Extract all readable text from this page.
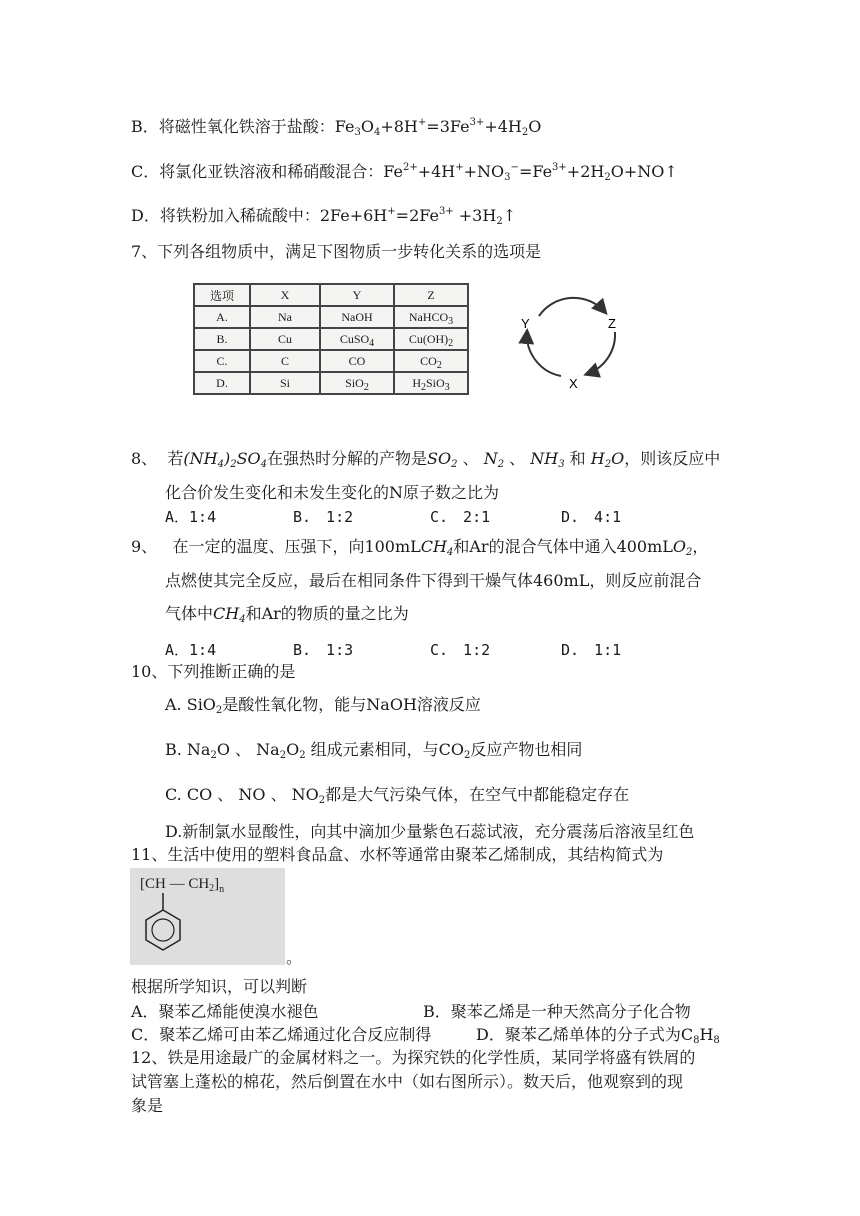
B．将磁性氧化铁溶于盐酸：$Fe_3O_4+8H^+=3Fe^{3+}+4H_2O$
C．将氯化亚铁溶液和稀硝酸混合：$Fe^{2+}+4H^++NO_3^-=Fe^{3+}+2H_2O+NO↑$
D．将铁粉加入稀硫酸中：$2Fe+6H^+=2Fe^{3+}$ $+3H_2↑$
7、下列各组物质中，满足下图物质一步转化关系的选项是
选项	X	Y	Z
A.	Na	NaOH	NaHCO$_3$
B.	Cu	CuSO$_4$	$Cu(OH)_2$
C.	C	CO	$CO_2$
D.	Si	SiO$_2$	$H_2SiO_3$
Y	Z
X
8、 若$(NH_4)_2SO_4$在强热时分解的产物是$SO_2$ 、 $N_2$ 、 $NH_3$ 和 $H_2O$，则该反应中
化合价发生变化和未发生变化的N原子数之比为
A．1:4	B.　1:2	C.　2:1	D.　4:1
9、   在一定的温度、压强下，向100mLCH$_4$和Ar的混合气体中通入400mLO$_2$，
点燃使其完全反应，最后在相同条件下得到干燥气体460mL，则反应前混合
气体中$CH_4$和Ar的物质的量之比为
A．1:4	B.　1:3	C.　1:2	D.　1:1
10、下列推断正确的是
A. SiO$_2$是酸性氧化物，能与NaOH溶液反应
B. $Na_2O$ 、 $Na_2O_2$ 组成元素相同，与$CO_2$反应产物也相同
C. CO 、 NO 、 $NO_2$都是大气污染气体，在空气中都能稳定存在
D.新制氯水显酸性，向其中滴加少量紫色石蕊试液，充分震荡后溶液呈红色
11、生活中使用的塑料食品盒、水杯等通常由聚苯乙烯制成，其结构简式为
[CH — $CH_2]_n$
。
根据所学知识，可以判断
A．聚苯乙烯能使溴水褪色	B．聚苯乙烯是一种天然高分子化合物
C．聚苯乙烯可由苯乙烯通过化合反应制得	D．聚苯乙烯单体的分子式为$C_8H_8$
12、铁是用途最广的金属材料之一。为探究铁的化学性质，某同学将盛有铁屑的
试管塞上蓬松的棉花，然后倒置在水中（如右图所示）。数天后，他观察到的现
象是
